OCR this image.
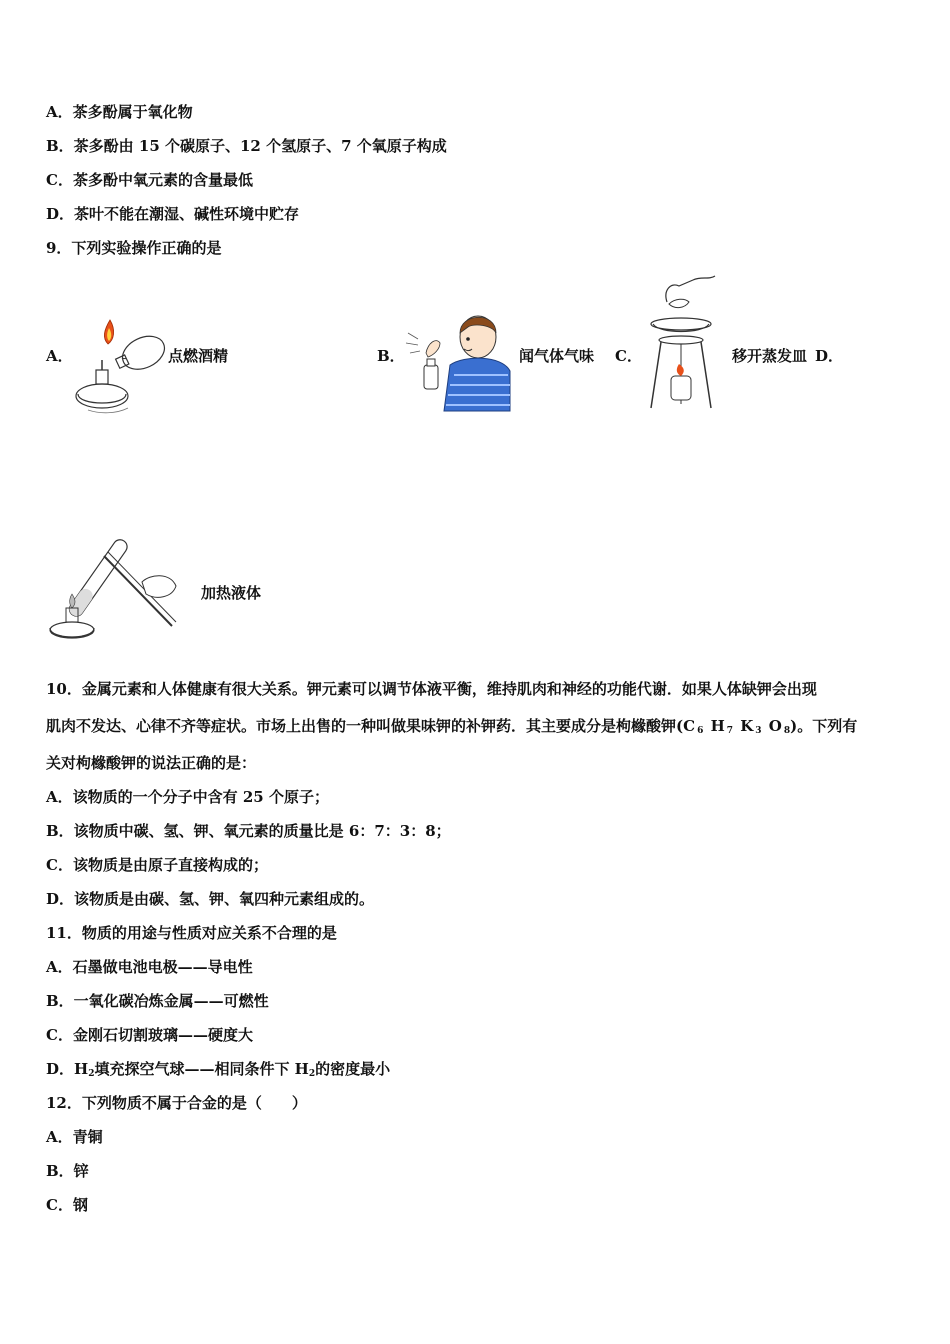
A．茶多酚属于氧化物
B．茶多酚由 15 个碳原子、12 个氢原子、7 个氧原子构成
C．茶多酚中氧元素的含量最低
D．茶叶不能在潮湿、碱性环境中贮存
9．下列实验操作正确的是
A．	点燃酒精	B．	闻气体气味 C．	移开蒸发皿 D．
加热液体
10．金属元素和人体健康有很大关系。钾元素可以调节体液平衡，维持肌肉和神经的功能代谢．如果人体缺钾会出现
肌肉不发达、心律不齐等症状。市场上出售的一种叫做果味钾的补钾药．其主要成分是枸橼酸钾($C_6$ $H_7$ $K_3$ $O_8$)。下列有
关对枸橼酸钾的说法正确的是：
A．该物质的一个分子中含有 25 个原子；
B．该物质中碳、氢、钾、氧元素的质量比是 6：7：3：8；
C．该物质是由原子直接构成的；
D．该物质是由碳、氢、钾、氧四种元素组成的。
11．物质的用途与性质对应关系不合理的是
A．石墨做电池电极——导电性
B．一氧化碳冶炼金属——可燃性
C．金刚石切割玻璃——硬度大
D．$H_2$填充探空气球——相同条件下 $H_2$的密度最小
12．下列物质不属于合金的是（　　）
A．青铜
B．锌
C．钢
